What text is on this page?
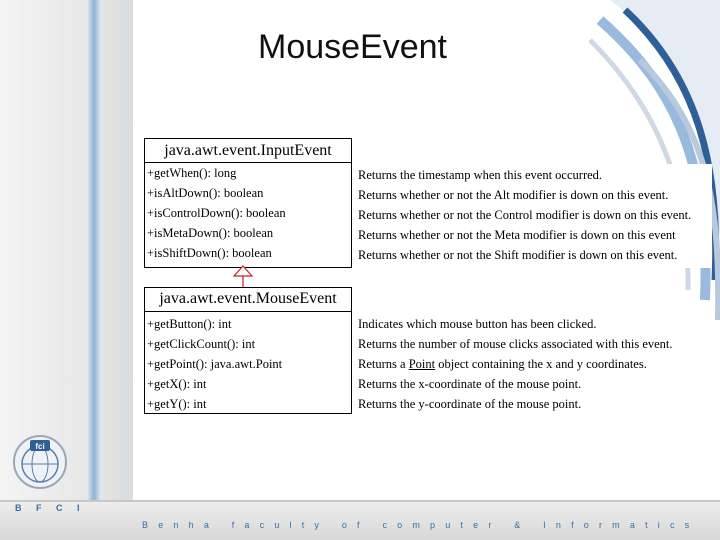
fci
B F C I
Benha faculty of computer & Informatics
MouseEvent
java.awt.event.InputEvent
+getWhen(): long
+isAltDown(): boolean
+isControlDown(): boolean
+isMetaDown(): boolean
+isShiftDown(): boolean
Returns the timestamp when this event occurred.
Returns whether or not the Alt modifier is down on this event.
Returns whether or not the Control modifier is down on this event.
Returns whether or not the Meta modifier is down on this event
Returns whether or not the Shift modifier is down on this event.
java.awt.event.MouseEvent
+getButton(): int
+getClickCount(): int
+getPoint(): java.awt.Point
+getX(): int
+getY(): int
Indicates which mouse button has been clicked.
Returns the number of mouse clicks associated with this event.
Returns a Point object containing the x and y coordinates.
Returns the x-coordinate of the mouse point.
Returns the y-coordinate of the mouse point.
